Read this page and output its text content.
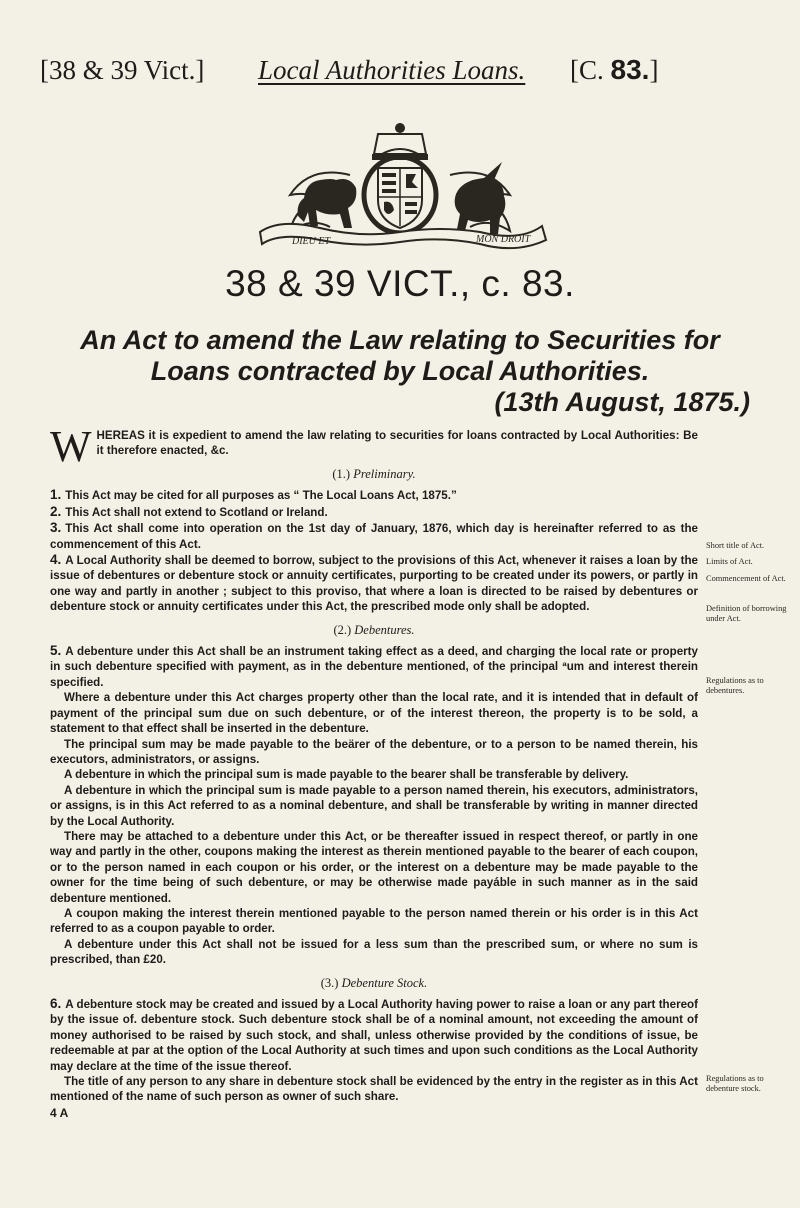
[38 & 39 Vict.] Local Authorities Loans. [C. 83.]
DIEU ET	MON DROIT
38 & 39 VICT., c. 83.
An Act to amend the Law relating to Securities for Loans contracted by Local Authorities.
(13th August, 1875.)

WHEREAS it is expedient to amend the law relating to securities for loans contracted by Local Authorities: Be it therefore enacted, &c.

(1.) Preliminary.

1. This Act may be cited for all purposes as “ The Local Loans Act, 1875.”

2. This Act shall not extend to Scotland or Ireland.

3. This Act shall come into operation on the 1st day of January, 1876, which day is hereinafter referred to as the commencement of this Act.

4. A Local Authority shall be deemed to borrow, subject to the provisions of this Act, whenever it raises a loan by the issue of debentures or debenture stock or annuity certificates, purporting to be created under its powers, or partly in one way and partly in another ; subject to this proviso, that where a loan is directed to be raised by debentures or debenture stock or annuity certificates under this Act, the prescribed mode only shall be adopted.

(2.) Debentures.

5. A debenture under this Act shall be an instrument taking effect as a deed, and charging the local rate or property in such debenture specified with payment, as in the debenture mentioned, of the principal ªum and interest therein specified.

Where a debenture under this Act charges property other than the local rate, and it is intended that in default of payment of the principal sum due on such debenture, or of the interest thereon, the property is to be sold, a statement to that effect shall be inserted in the debenture.

The principal sum may be made payable to the beärer of the debenture, or to a person to be named therein, his executors, administrators, or assigns.

A debenture in which the principal sum is made payable to the bearer shall be transferable by delivery.

A debenture in which the principal sum is made payable to a person named therein, his executors, administrators, or assigns, is in this Act referred to as a nominal debenture, and shall be transferable by writing in manner directed by the Local Authority.

There may be attached to a debenture under this Act, or be thereafter issued in respect thereof, or partly in one way and partly in the other, coupons making the interest as therein mentioned payable to the bearer of each coupon, or to the person named in each coupon or his order, or the interest on a debenture may be made payable to the owner for the time being of such debenture, or may be otherwise made payáble in such manner as in the said debenture mentioned.

A coupon making the interest therein mentioned payable to the person named therein or his order is in this Act referred to as a coupon payable to order.

A debenture under this Act shall not be issued for a less sum than the prescribed sum, or where no sum is prescribed, than £20.

(3.) Debenture Stock.

6. A debenture stock may be created and issued by a Local Authority having power to raise a loan or any part thereof by the issue of. debenture stock. Such debenture stock shall be of a nominal amount, not exceeding the amount of money authorised to be raised by such stock, and shall, unless otherwise provided by the conditions of issue, be redeemable at par at the option of the Local Authority at such times and upon such conditions as the Local Authority may declare at the time of the issue thereof.

The title of any person to any share in debenture stock shall be evidenced by the entry in the register as in this Act mentioned of the name of such person as owner of such share.

4 A

Short title of Act.
Limits of Act.
Commencement of Act.
Definition of borrowing under Act.
Regulations as to debentures.
Regulations as to debenture stock.
